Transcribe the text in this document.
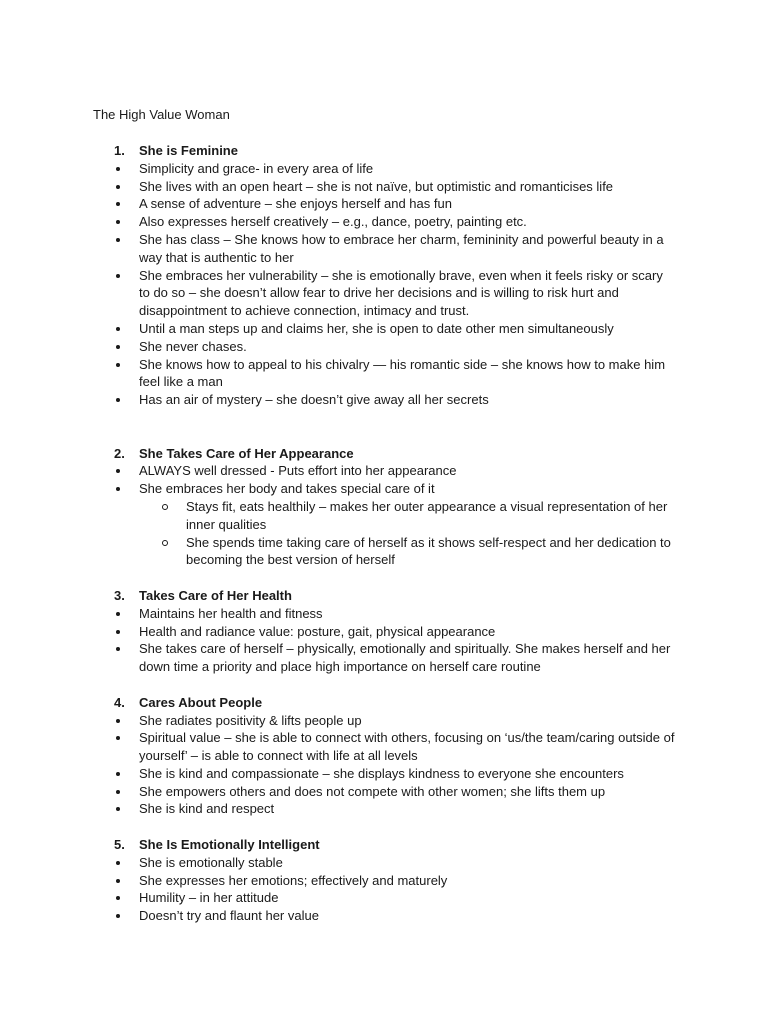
The High Value Woman
1. She is Feminine
Simplicity and grace- in every area of life
She lives with an open heart – she is not naïve, but optimistic and romanticises life
A sense of adventure – she enjoys herself and has fun
Also expresses herself creatively – e.g., dance, poetry, painting etc.
She has class – She knows how to embrace her charm, femininity and powerful beauty in a way that is authentic to her
She embraces her vulnerability – she is emotionally brave, even when it feels risky or scary to do so – she doesn’t allow fear to drive her decisions and is willing to risk hurt and disappointment to achieve connection, intimacy and trust.
Until a man steps up and claims her, she is open to date other men simultaneously
She never chases.
She knows how to appeal to his chivalry — his romantic side – she knows how to make him feel like a man
Has an air of mystery – she doesn’t give away all her secrets
2. She Takes Care of Her Appearance
ALWAYS well dressed - Puts effort into her appearance
She embraces her body and takes special care of it
Stays fit, eats healthily – makes her outer appearance a visual representation of her inner qualities
She spends time taking care of herself as it shows self-respect and her dedication to becoming the best version of herself
3. Takes Care of Her Health
Maintains her health and fitness
Health and radiance value: posture, gait, physical appearance
She takes care of herself – physically, emotionally and spiritually. She makes herself and her down time a priority and place high importance on herself care routine
4. Cares About People
She radiates positivity & lifts people up
Spiritual value – she is able to connect with others, focusing on ‘us/the team/caring outside of yourself’ – is able to connect with life at all levels
She is kind and compassionate – she displays kindness to everyone she encounters
She empowers others and does not compete with other women; she lifts them up
She is kind and respect
5. She Is Emotionally Intelligent
She is emotionally stable
She expresses her emotions; effectively and maturely
Humility – in her attitude
Doesn’t try and flaunt her value
